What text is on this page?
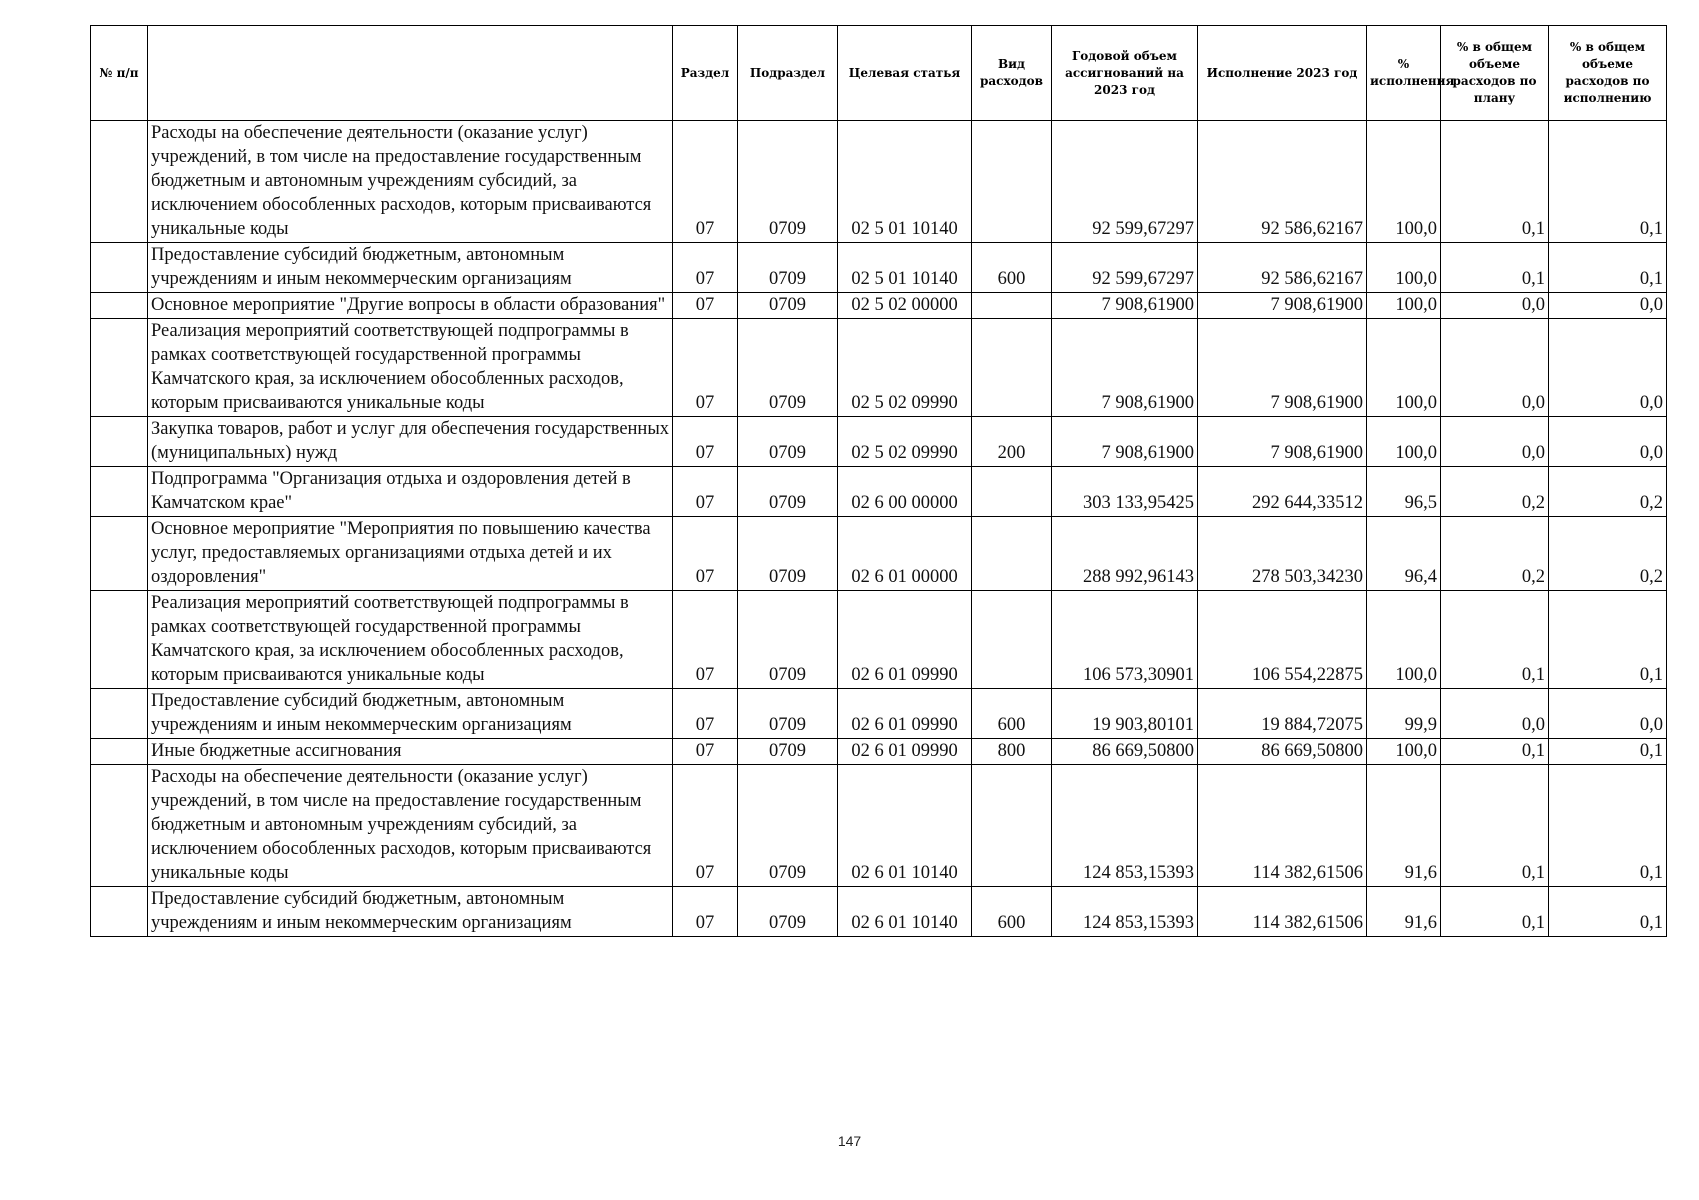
№ п/п		Раздел	Подраздел	Целевая статья	Вид расходов	Годовой объем ассигнований на 2023 год	Исполнение 2023 год	% исполнения	% в общем объеме расходов по плану	% в общем объеме расходов по исполнению
	Расходы на обеспечение деятельности (оказание услуг) учреждений, в том числе на предоставление государственным бюджетным и автономным учреждениям субсидий, за исключением обособленных расходов, которым присваиваются уникальные коды	07	0709	02 5 01 10140		92 599,67297	92 586,62167	100,0	0,1	0,1
	Предоставление субсидий бюджетным, автономным учреждениям и иным некоммерческим организациям	07	0709	02 5 01 10140	600	92 599,67297	92 586,62167	100,0	0,1	0,1
	Основное мероприятие "Другие вопросы в области образования"	07	0709	02 5 02 00000		7 908,61900	7 908,61900	100,0	0,0	0,0
	Реализация мероприятий соответствующей подпрограммы в рамках соответствующей государственной программы Камчатского края, за исключением обособленных расходов, которым присваиваются уникальные коды	07	0709	02 5 02 09990		7 908,61900	7 908,61900	100,0	0,0	0,0
	Закупка товаров, работ и услуг для обеспечения государственных (муниципальных) нужд	07	0709	02 5 02 09990	200	7 908,61900	7 908,61900	100,0	0,0	0,0
	Подпрограмма "Организация отдыха и оздоровления детей в Камчатском крае"	07	0709	02 6 00 00000		303 133,95425	292 644,33512	96,5	0,2	0,2
	Основное мероприятие "Мероприятия по повышению качества услуг, предоставляемых организациями отдыха детей и их оздоровления"	07	0709	02 6 01 00000		288 992,96143	278 503,34230	96,4	0,2	0,2
	Реализация мероприятий соответствующей подпрограммы в рамках соответствующей государственной программы Камчатского края, за исключением обособленных расходов, которым присваиваются уникальные коды	07	0709	02 6 01 09990		106 573,30901	106 554,22875	100,0	0,1	0,1
	Предоставление субсидий бюджетным, автономным учреждениям и иным некоммерческим организациям	07	0709	02 6 01 09990	600	19 903,80101	19 884,72075	99,9	0,0	0,0
	Иные бюджетные ассигнования	07	0709	02 6 01 09990	800	86 669,50800	86 669,50800	100,0	0,1	0,1
	Расходы на обеспечение деятельности (оказание услуг) учреждений, в том числе на предоставление государственным бюджетным и автономным учреждениям субсидий, за исключением обособленных расходов, которым присваиваются уникальные коды	07	0709	02 6 01 10140		124 853,15393	114 382,61506	91,6	0,1	0,1
	Предоставление субсидий бюджетным, автономным учреждениям и иным некоммерческим организациям	07	0709	02 6 01 10140	600	124 853,15393	114 382,61506	91,6	0,1	0,1
147
